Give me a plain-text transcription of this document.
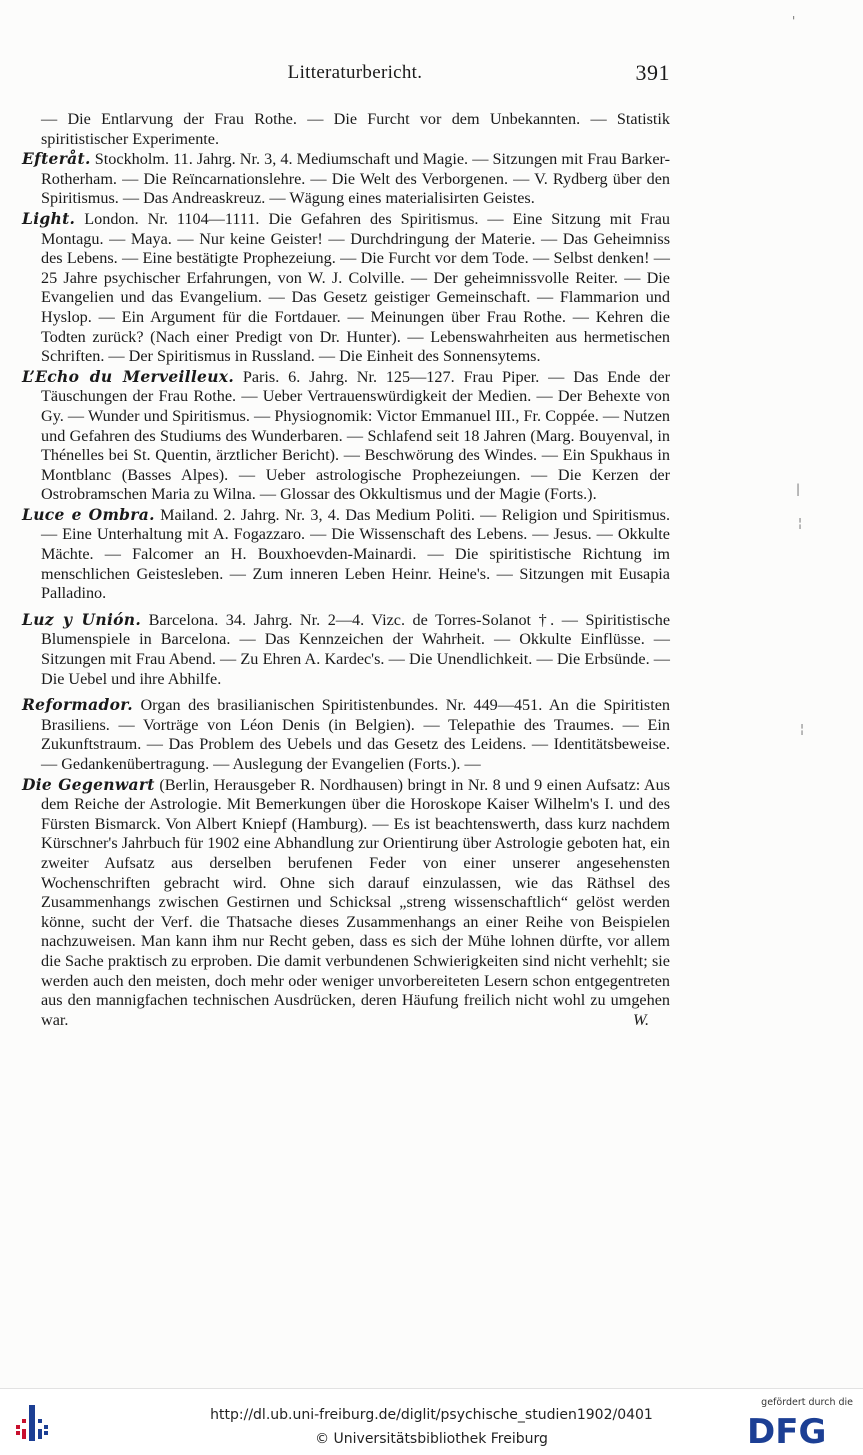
Litteraturbericht.	391

— Die Entlarvung der Frau Rothe. — Die Furcht vor dem Unbekannten. — Statistik spiritistischer Experimente.

Efteråt. Stockholm. 11. Jahrg. Nr. 3, 4. Mediumschaft und Magie. — Sitzungen mit Frau Barker-Rotherham. — Die Reïncarnationslehre. — Die Welt des Verborgenen. — V. Rydberg über den Spiritismus. — Das Andreaskreuz. — Wägung eines materialisirten Geistes.

Light. London. Nr. 1104—1111. Die Gefahren des Spiritismus. — Eine Sitzung mit Frau Montagu. — Maya. — Nur keine Geister! — Durchdringung der Materie. — Das Geheimniss des Lebens. — Eine bestätigte Prophezeiung. — Die Furcht vor dem Tode. — Selbst denken! — 25 Jahre psychischer Erfahrungen, von W. J. Colville. — Der geheimnissvolle Reiter. — Die Evangelien und das Evangelium. — Das Gesetz geistiger Gemeinschaft. — Flammarion und Hyslop. — Ein Argument für die Fortdauer. — Meinungen über Frau Rothe. — Kehren die Todten zurück? (Nach einer Predigt von Dr. Hunter). — Lebenswahrheiten aus hermetischen Schriften. — Der Spiritismus in Russland. — Die Einheit des Sonnensytems.

L’Echo du Merveilleux. Paris. 6. Jahrg. Nr. 125—127. Frau Piper. — Das Ende der Täuschungen der Frau Rothe. — Ueber Vertrauenswürdigkeit der Medien. — Der Behexte von Gy. — Wunder und Spiritismus. — Physiognomik: Victor Emmanuel III., Fr. Coppée. — Nutzen und Gefahren des Studiums des Wunderbaren. — Schlafend seit 18 Jahren (Marg. Bouyenval, in Thénelles bei St. Quentin, ärztlicher Bericht). — Beschwörung des Windes. — Ein Spukhaus in Montblanc (Basses Alpes). — Ueber astrologische Prophezeiungen. — Die Kerzen der Ostrobramschen Maria zu Wilna. — Glossar des Okkultismus und der Magie (Forts.).

Luce e Ombra. Mailand. 2. Jahrg. Nr. 3, 4. Das Medium Politi. — Religion und Spiritismus. — Eine Unterhaltung mit A. Fogazzaro. — Die Wissenschaft des Lebens. — Jesus. — Okkulte Mächte. — Falcomer an H. Bouxhoevden-Mainardi. — Die spiritistische Richtung im menschlichen Geistesleben. — Zum inneren Leben Heinr. Heine's. — Sitzungen mit Eusapia Palladino.

Luz y Unión. Barcelona. 34. Jahrg. Nr. 2—4. Vizc. de Torres-Solanot †. — Spiritistische Blumenspiele in Barcelona. — Das Kennzeichen der Wahrheit. — Okkulte Einflüsse. — Sitzungen mit Frau Abend. — Zu Ehren A. Kardec's. — Die Unendlichkeit. — Die Erbsünde. — Die Uebel und ihre Abhilfe.

Reformador. Organ des brasilianischen Spiritistenbundes. Nr. 449—451. An die Spiritisten Brasiliens. — Vorträge von Léon Denis (in Belgien). — Telepathie des Traumes. — Ein Zukunftstraum. — Das Problem des Uebels und das Gesetz des Leidens. — Identitätsbeweise. — Gedankenübertragung. — Auslegung der Evangelien (Forts.). —

Die Gegenwart (Berlin, Herausgeber R. Nordhausen) bringt in Nr. 8 und 9 einen Aufsatz: Aus dem Reiche der Astrologie. Mit Bemerkungen über die Horoskope Kaiser Wilhelm's I. und des Fürsten Bismarck. Von Albert Kniepf (Hamburg). — Es ist beachtenswerth, dass kurz nachdem Kürschner's Jahrbuch für 1902 eine Abhandlung zur Orientirung über Astrologie geboten hat, ein zweiter Aufsatz aus derselben berufenen Feder von einer unserer angesehensten Wochenschriften gebracht wird. Ohne sich darauf einzulassen, wie das Räthsel des Zusammenhangs zwischen Gestirnen und Schicksal „streng wissenschaftlich“ gelöst werden könne, sucht der Verf. die Thatsache dieses Zusammenhangs an einer Reihe von Beispielen nachzuweisen. Man kann ihm nur Recht geben, dass es sich der Mühe lohnen dürfte, vor allem die Sache praktisch zu erproben. Die damit verbundenen Schwierigkeiten sind nicht verhehlt; sie werden auch den meisten, doch mehr oder weniger unvorbereiteten Lesern schon entgegentreten aus den mannigfachen technischen Ausdrücken, deren Häufung freilich nicht wohl zu umgehen war.	W.

'
|
¦
¦
http://dl.ub.uni-freiburg.de/diglit/psychische_studien1902/0401
© Universitätsbibliothek Freiburg
gefördert durch die
DFG
